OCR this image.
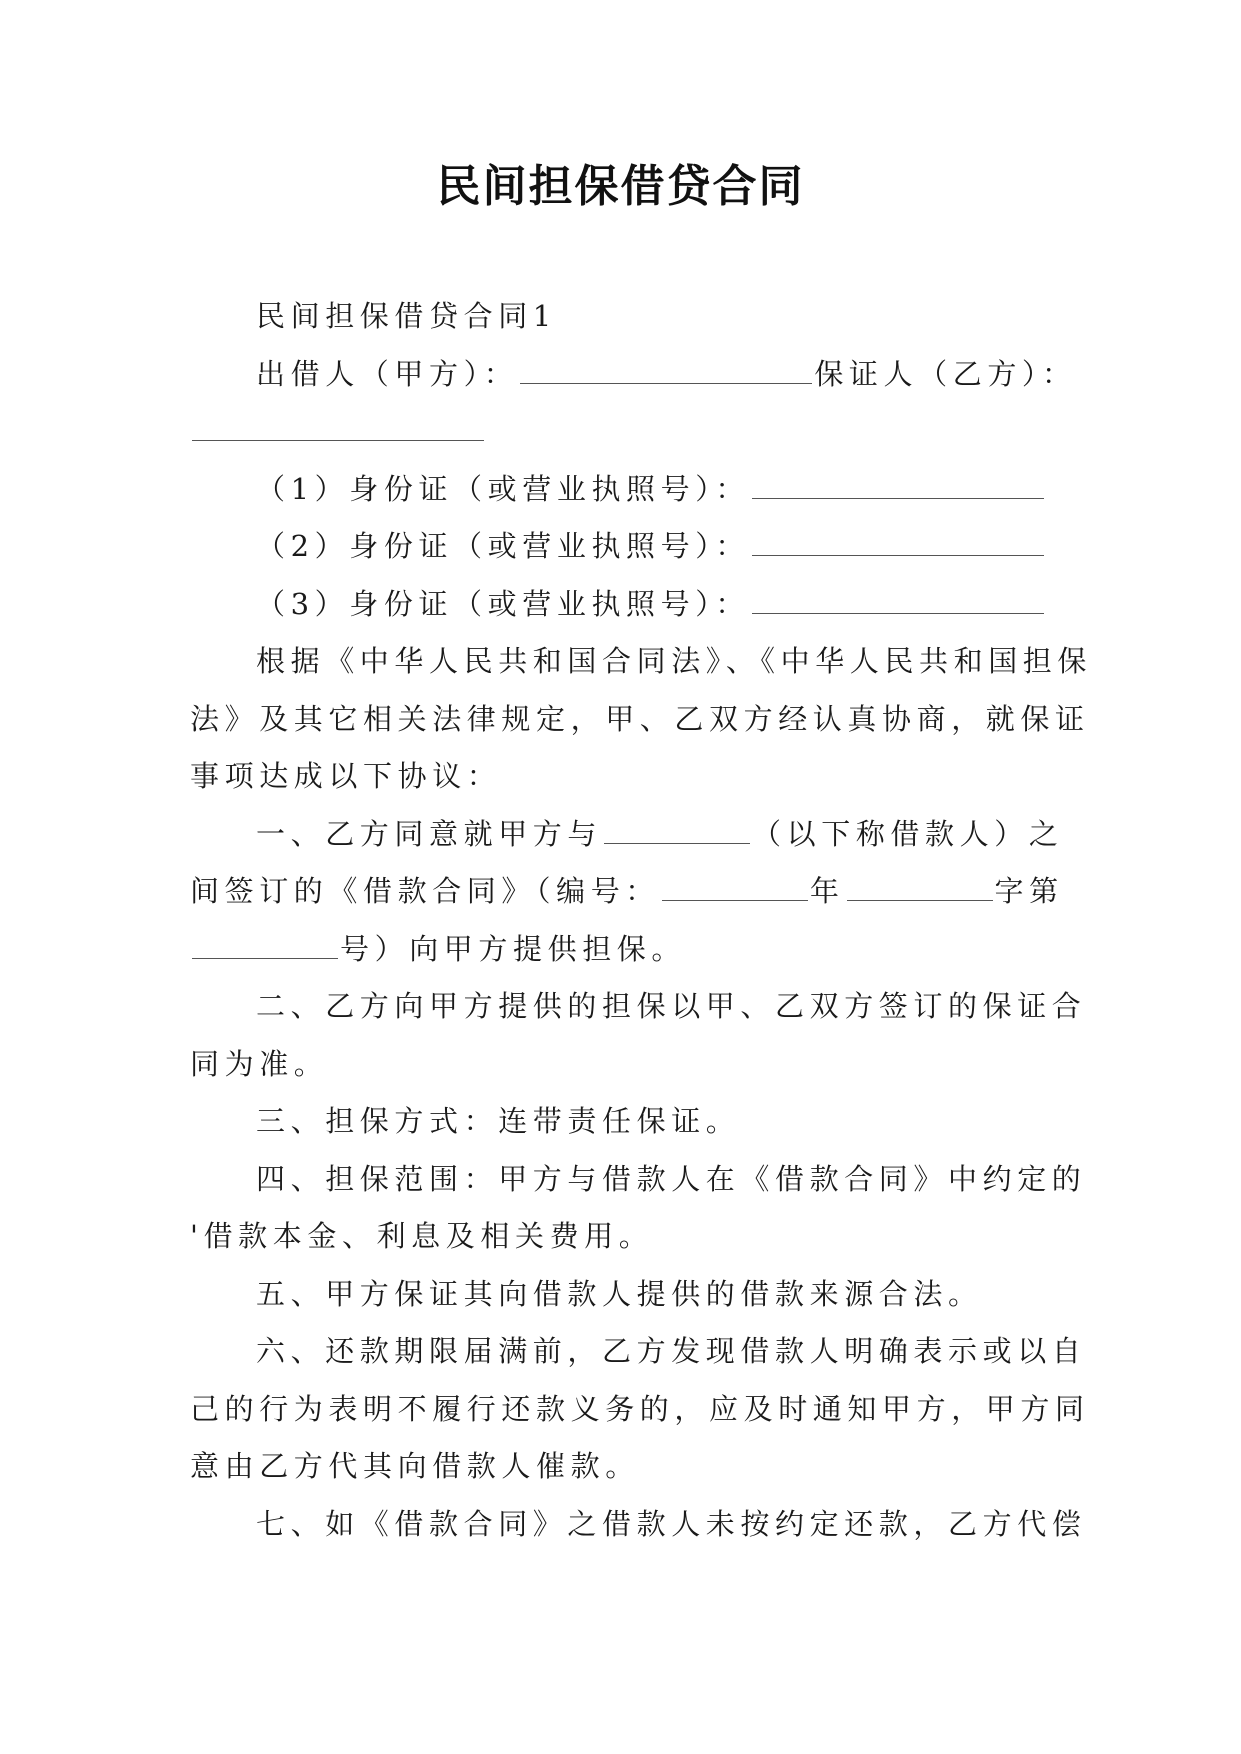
民间担保借贷合同
民间担保借贷合同1
出借人（甲方）：	保证人（乙方）：
（1）身份证（或营业执照号）：
（2）身份证（或营业执照号）：
（3）身份证（或营业执照号）：
根据《中华人民共和国合同法》、《中华人民共和国担保
法》及其它相关法律规定，甲、乙双方经认真协商，就保证
事项达成以下协议：
一、乙方同意就甲方与	（以下称借款人）之
间签订的《借款合同》（编号：	年	字第
号）向甲方提供担保。
二、乙方向甲方提供的担保以甲、乙双方签订的保证合
同为准。
三、担保方式：连带责任保证。
四、担保范围：甲方与借款人在《借款合同》中约定的
'借款本金、利息及相关费用。
五、甲方保证其向借款人提供的借款来源合法。
六、还款期限届满前，乙方发现借款人明确表示或以自
己的行为表明不履行还款义务的，应及时通知甲方，甲方同
意由乙方代其向借款人催款。
七、如《借款合同》之借款人未按约定还款，乙方代偿
